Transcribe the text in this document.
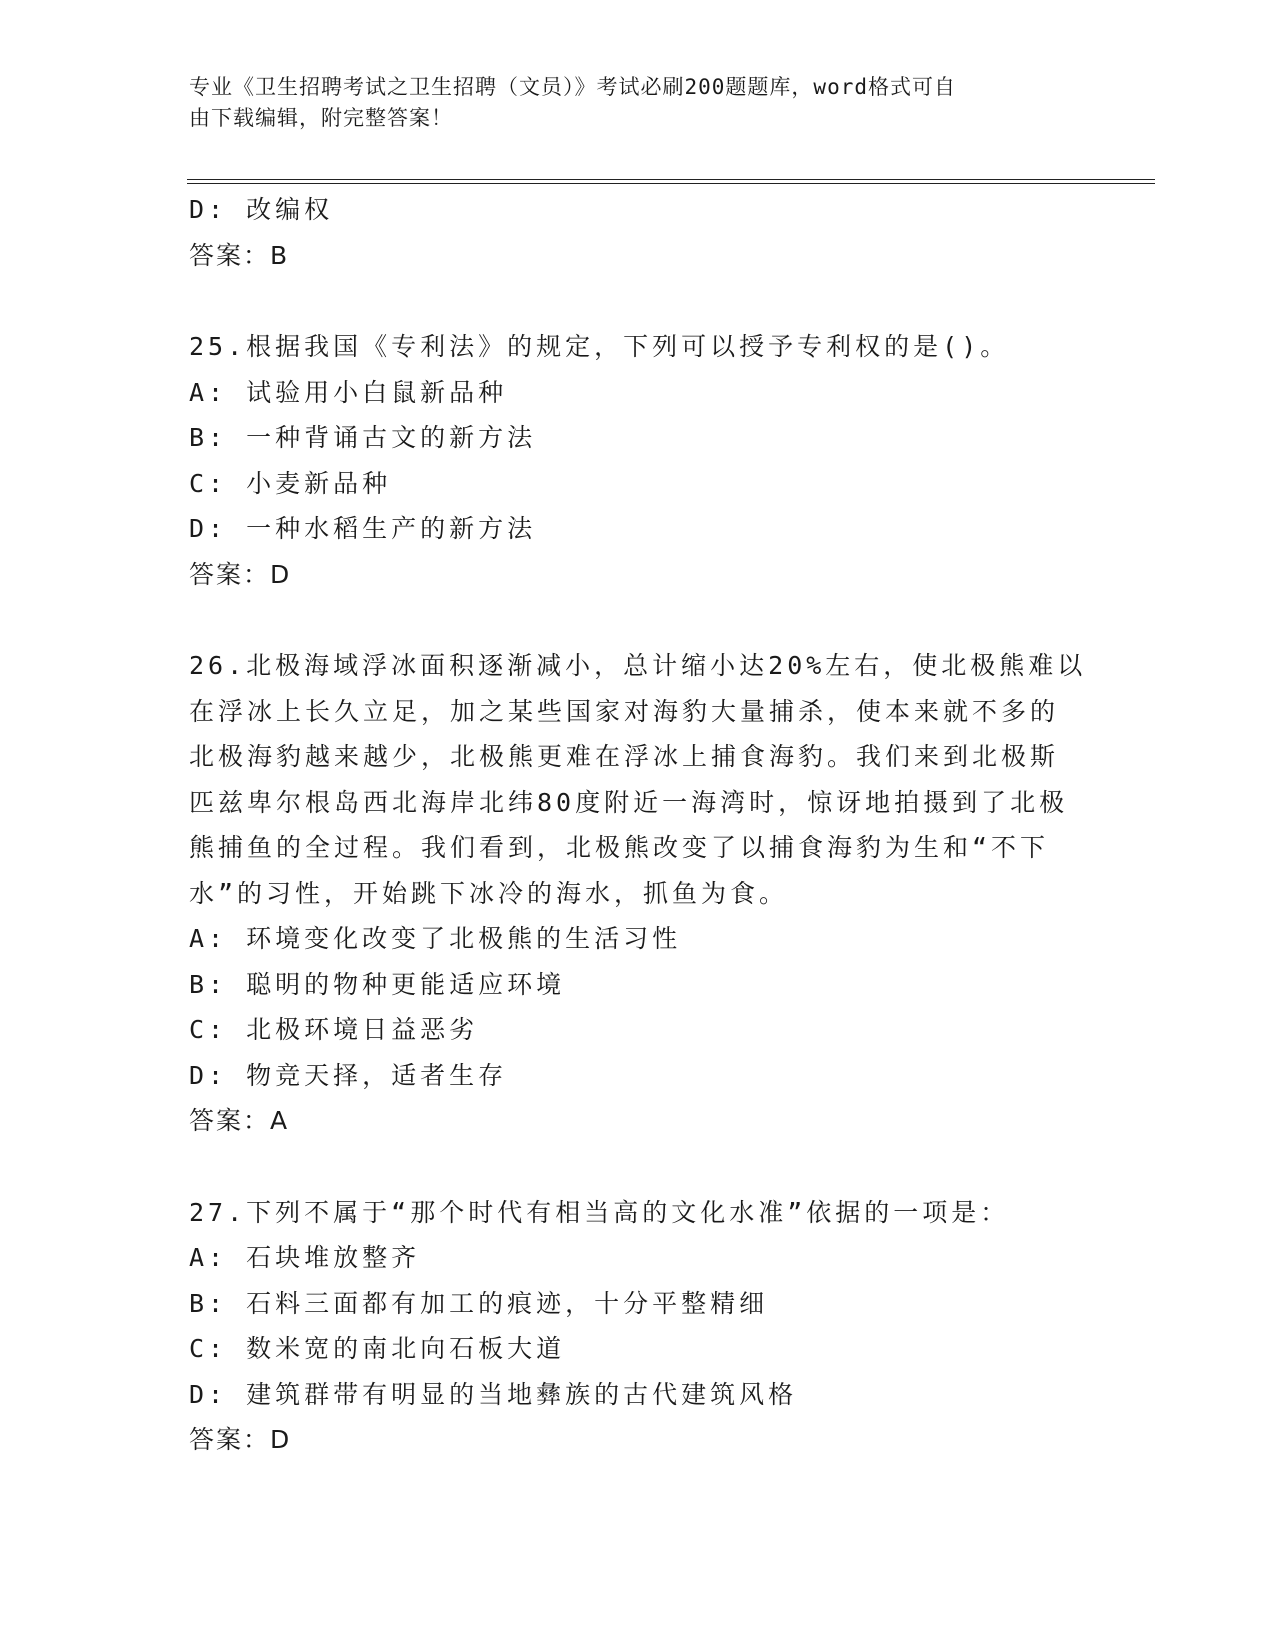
专业《卫生招聘考试之卫生招聘（文员）》考试必刷200题题库，word格式可自
由下载编辑，附完整答案！
D: 改编权
答案：B
25.根据我国《专利法》的规定，下列可以授予专利权的是()。
A: 试验用小白鼠新品种
B: 一种背诵古文的新方法
C: 小麦新品种
D: 一种水稻生产的新方法
答案：D
26.北极海域浮冰面积逐渐减小，总计缩小达20%左右，使北极熊难以
在浮冰上长久立足，加之某些国家对海豹大量捕杀，使本来就不多的
北极海豹越来越少，北极熊更难在浮冰上捕食海豹。我们来到北极斯
匹兹卑尔根岛西北海岸北纬80度附近一海湾时，惊讶地拍摄到了北极
熊捕鱼的全过程。我们看到，北极熊改变了以捕食海豹为生和“不下
水”的习性，开始跳下冰冷的海水，抓鱼为食。
A: 环境变化改变了北极熊的生活习性
B: 聪明的物种更能适应环境
C: 北极环境日益恶劣
D: 物竞天择，适者生存
答案：A
27.下列不属于“那个时代有相当高的文化水准”依据的一项是：
A: 石块堆放整齐
B: 石料三面都有加工的痕迹，十分平整精细
C: 数米宽的南北向石板大道
D: 建筑群带有明显的当地彝族的古代建筑风格
答案：D
